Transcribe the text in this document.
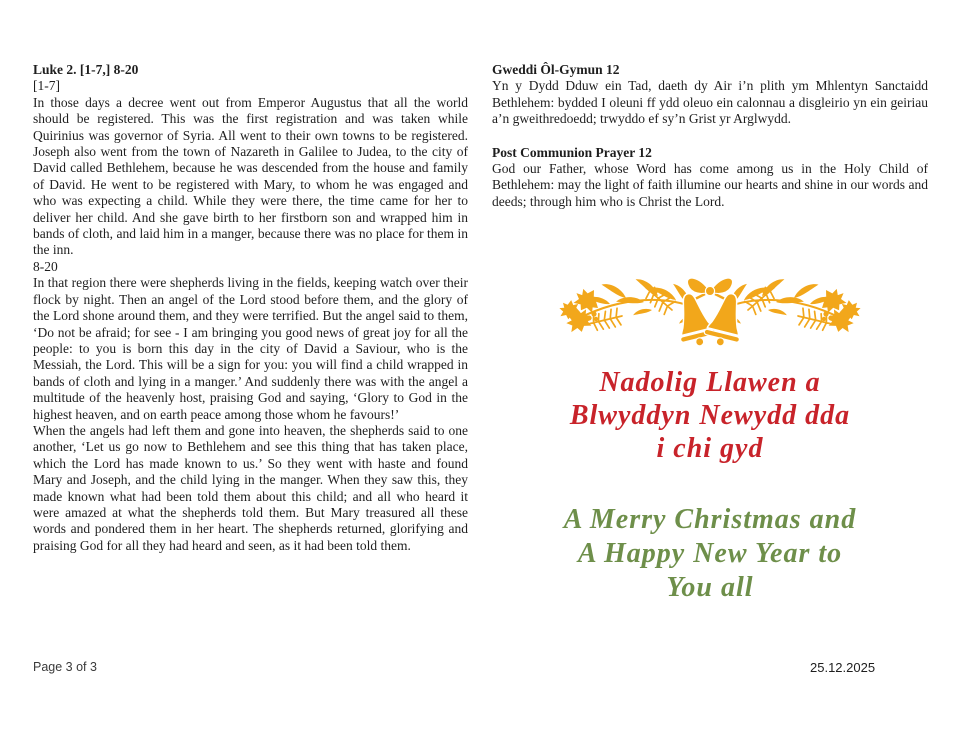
Luke 2. [1-7,] 8-20
[1-7]

In those days a decree went out from Emperor Augustus that all the world should be registered. This was the first registration and was taken while Quirinius was governor of Syria. All went to their own towns to be registered. Joseph also went from the town of Nazareth in Galilee to Judea, to the city of David called Bethlehem, because he was descended from the house and family of David. He went to be registered with Mary, to whom he was engaged and who was expecting a child. While they were there, the time came for her to deliver her child. And she gave birth to her firstborn son and wrapped him in bands of cloth, and laid him in a manger, because there was no place for them in the inn.

8-20

In that region there were shepherds living in the fields, keeping watch over their flock by night. Then an angel of the Lord stood before them, and the glory of the Lord shone around them, and they were terrified. But the angel said to them, ‘Do not be afraid; for see - I am bringing you good news of great joy for all the people: to you is born this day in the city of David a Saviour, who is the Messiah, the Lord. This will be a sign for you: you will find a child wrapped in bands of cloth and lying in a manger.’ And suddenly there was with the angel a multitude of the heavenly host, praising God and saying, ‘Glory to God in the highest heaven, and on earth peace among those whom he favours!’

When the angels had left them and gone into heaven, the shepherds said to one another, ‘Let us go now to Bethlehem and see this thing that has taken place, which the Lord has made known to us.’ So they went with haste and found Mary and Joseph, and the child lying in the manger. When they saw this, they made known what had been told them about this child; and all who heard it were amazed at what the shepherds told them. But Mary treasured all these words and pondered them in her heart. The shepherds returned, glorifying and praising God for all they had heard and seen, as it had been told them.

Gweddi Ôl-Gymun 12

Yn y Dydd Dduw ein Tad, daeth dy Air i’n plith ym Mhlentyn Sanctaidd Bethlehem: bydded I oleuni ff ydd oleuo ein calonnau a disgleirio yn ein geiriau a’n gweithredoedd; trwyddo ef sy’n Grist yr Arglwydd.

Post Communion Prayer 12

God our Father, whose Word has come among us in the Holy Child of Bethlehem: may the light of faith illumine our hearts and shine in our words and deeds; through him who is Christ the Lord.

Nadolig Llawen a
Blwyddyn Newydd dda
i chi gyd
A Merry Christmas and
A Happy New Year to
You all
Page 3 of 3	25.12.2025
